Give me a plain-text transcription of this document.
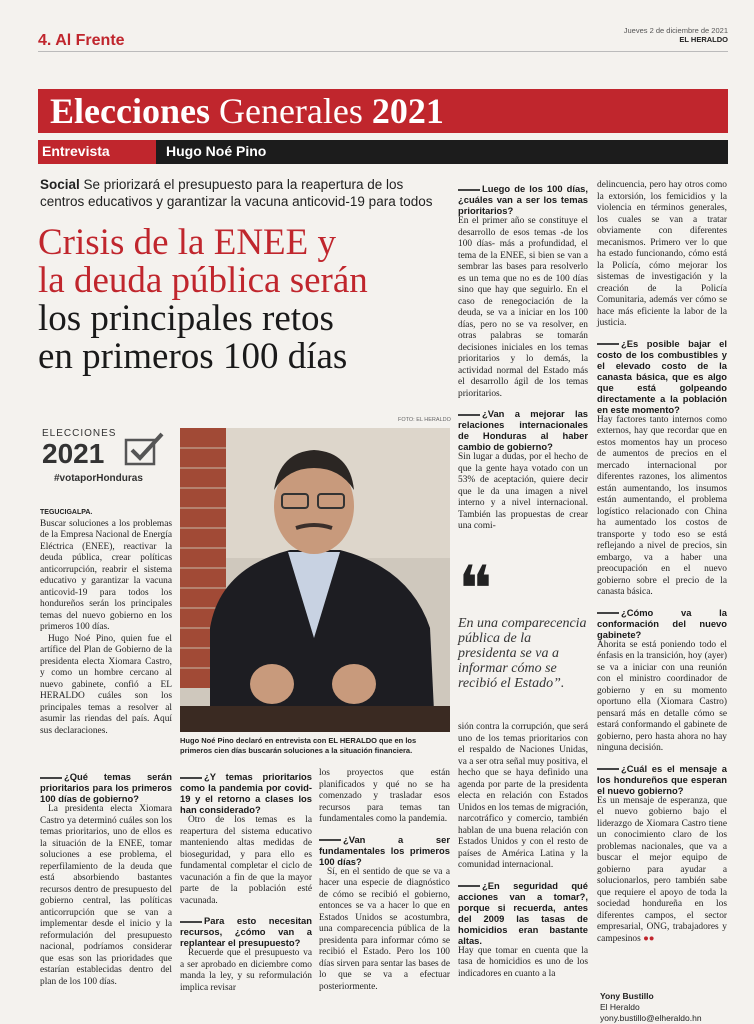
4. Al Frente
Jueves 2 de diciembre de 2021
EL HERALDO
Elecciones Generales 2021
Entrevista	Hugo Noé Pino
Social Se priorizará el presupuesto para la reapertura de los centros educativos y garantizar la vacuna anticovid-19 para todos
Crisis de la ENEE y
la deuda pública serán
los principales retos
en primeros 100 días
FOTO: EL HERALDO
ELECCIONES
2021
#votaporHonduras
Hugo Noé Pino declaró en entrevista con EL HERALDO que en los primeros cien días buscarán soluciones a la situación financiera.
TEGUCIGALPA.

Buscar soluciones a los problemas de la Empresa Nacional de Energía Eléctrica (ENEE), reactivar la deuda pública, crear políticas anticorrupción, reabrir el sistema educativo y garantizar la vacuna anticovid-19 para todos los hondureños serán los principales temas del nuevo gobierno en los primeros 100 días.

Hugo Noé Pino, quien fue el artífice del Plan de Gobierno de la presidenta electa Xiomara Castro, y como un hombre cercano al nuevo gabinete, confió a EL HERALDO cuáles son los principales temas a resolver al asumir las riendas del país. Aquí sus declaraciones.

¿Qué temas serán prioritarios para los primeros 100 días de gobierno?

La presidenta electa Xiomara Castro ya determinó cuáles son los temas prioritarios, uno de ellos es la situación de la ENEE, tomar soluciones a ese problema, el reperfilamiento de la deuda que está absorbiendo bastantes recursos dentro de presupuesto del gobierno central, las políticas anticorrupción que se van a implementar desde el inicio y la reformulación del presupuesto nacional, podríamos considerar que esas son las prioridades que estarían establecidas dentro del plan de los 100 días.

¿Y temas prioritarios como la pandemia por covid-19 y el retorno a clases los han considerado?

Otro de los temas es la reapertura del sistema educativo manteniendo altas medidas de bioseguridad, y para ello es fundamental completar el ciclo de vacunación a fin de que la mayor parte de la población esté vacunada.

Para esto necesitan recursos, ¿cómo van a replantear el presupuesto?

Recuerde que el presupuesto va a ser aprobado en diciembre como manda la ley, y su reformulación implica revisar

los proyectos que están planificados y qué no se ha comenzado y trasladar esos recursos para temas tan fundamentales como la pandemia.

¿Van a ser fundamentales los primeros 100 días?

Sí, en el sentido de que se va a hacer una especie de diagnóstico de cómo se recibió el gobierno, entonces se va a hacer lo que en Estados Unidos se acostumbra, una comparecencia pública de la presidenta para informar cómo se recibió el Estado. Pero los 100 días sirven para sentar las bases de lo que se va a efectuar posteriormente.

Luego de los 100 días, ¿cuáles van a ser los temas prioritarios?

En el primer año se constituye el desarrollo de esos temas -de los 100 días- más a profundidad, el tema de la ENEE, si bien se van a sembrar las bases para resolverlo es un tema que no es de 100 días sino que hay que seguirlo. En el caso de renegociación de la deuda, se va a iniciar en los 100 días, pero no se va resolver, en otras palabras se tomarán decisiones iniciales en los temas prioritarios y lo demás, la actividad normal del Estado más el desarrollo ágil de los temas prioritarios.

¿Van a mejorar las relaciones internacionales de Honduras al haber cambio de gobierno?

Sin lugar a dudas, por el hecho de que la gente haya votado con un 53% de aceptación, quiere decir que le da una imagen a nivel interno y a nivel internacional. También las propuestas de crear una comi-

❝
En una comparecencia pública de la presidenta se va a informar cómo se recibió el Estado”.

sión contra la corrupción, que será uno de los temas prioritarios con el respaldo de Naciones Unidas, va a ser otra señal muy positiva, el hecho que se haya definido una agenda por parte de la presidenta electa en relación con Estados Unidos en los temas de migración, narcotráfico y comercio, también hablan de una buena relación con Estados Unidos y con el resto de países de América Latina y la comunidad internacional.

¿En seguridad qué acciones van a tomar?, porque si recuerda, antes del 2009 las tasas de homicidios eran bastante altas.

Hay que tomar en cuenta que la tasa de homicidios es uno de los indicadores en cuanto a la

delincuencia, pero hay otros como la extorsión, los femicidios y la violencia en términos generales, los cuales se van a tratar obviamente con diferentes mecanismos. Primero ver lo que ha estado funcionando, cómo está la Policía, cómo mejorar los sistemas de investigación y la creación de la Policía Comunitaria, además ver cómo se hace más eficiente la labor de la justicia.

¿Es posible bajar el costo de los combustibles y el elevado costo de la canasta básica, que es algo que está golpeando directamente a la población en este momento?

Hay factores tanto internos como externos, hay que recordar que en estos momentos hay un proceso de aumentos de precios en el mercado internacional por diferentes razones, los alimentos están aumentando, los insumos están aumentando, el problema logístico relacionado con China ha aumentado los costos de transporte y todo eso se está reflejando a nivel de precios, sin embargo, va a haber una preocupación en el nuevo gobierno sobre el precio de la canasta básica.

¿Cómo va la conformación del nuevo gabinete?

Ahorita se está poniendo todo el énfasis en la transición, hoy (ayer) se va a iniciar con una reunión con el ministro coordinador de gobierno y en su momento oportuno ella (Xiomara Castro) pensará más en detalle cómo se estará conformando el gabinete de gobierno, pero hasta ahora no hay ninguna decisión.

¿Cuál es el mensaje a los hondureños que esperan el nuevo gobierno?

Es un mensaje de esperanza, que el nuevo gobierno bajo el liderazgo de Xiomara Castro tiene un conocimiento claro de los problemas nacionales, que va a buscar el mejor equipo de gobierno para ayudar a solucionarlos, pero también sabe que requiere el apoyo de toda la sociedad hondureña en los diferentes campos, el sector empresarial, ONG, trabajadores y campesinos ●●

Yony Bustillo
El Heraldo
yony.bustillo@elheraldo.hn
